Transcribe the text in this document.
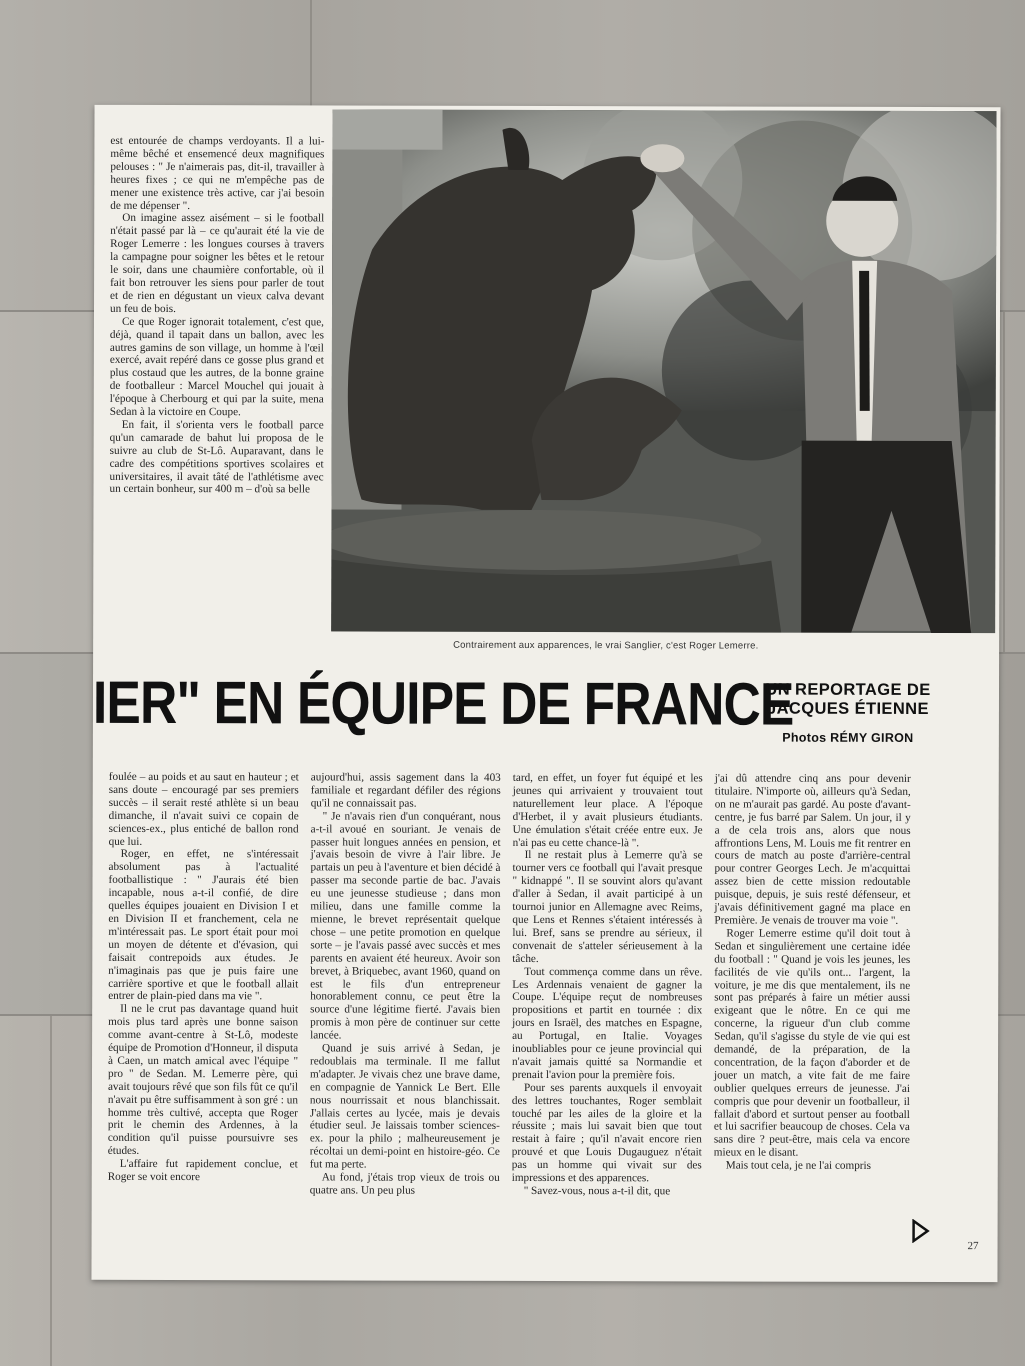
est entourée de champs verdoyants. Il a lui-même bêché et ensemencé deux magnifiques pelouses : " Je n'aimerais pas, dit-il, travailler à heures fixes ; ce qui ne m'empêche pas de mener une existence très active, car j'ai besoin de me dépenser ".

On imagine assez aisément – si le football n'était passé par là – ce qu'aurait été la vie de Roger Lemerre : les longues courses à travers la campagne pour soigner les bêtes et le retour le soir, dans une chaumière confortable, où il fait bon retrouver les siens pour parler de tout et de rien en dégustant un vieux calva devant un feu de bois.

Ce que Roger ignorait totalement, c'est que, déjà, quand il tapait dans un ballon, avec les autres gamins de son village, un homme à l'œil exercé, avait repéré dans ce gosse plus grand et plus costaud que les autres, de la bonne graine de footballeur : Marcel Mouchel qui jouait à l'époque à Cherbourg et qui par la suite, mena Sedan à la victoire en Coupe.

En fait, il s'orienta vers le football parce qu'un camarade de bahut lui proposa de le suivre au club de St-Lô. Auparavant, dans le cadre des compétitions sportives scolaires et universitaires, il avait tâté de l'athlétisme avec un certain bonheur, sur 400 m – d'où sa belle

Contrairement aux apparences, le vrai Sanglier, c'est Roger Lemerre.
IER" EN ÉQUIPE DE FRANCE
UN REPORTAGE DE
JACQUES ÉTIENNE
Photos RÉMY GIRON

foulée – au poids et au saut en hauteur ; et sans doute – encouragé par ses premiers succès – il serait resté athlète si un beau dimanche, il n'avait suivi ce copain de sciences-ex., plus entiché de ballon rond que lui.

Roger, en effet, ne s'intéressait absolument pas à l'actualité footballistique : " J'aurais été bien incapable, nous a-t-il confié, de dire quelles équipes jouaient en Division I et en Division II et franchement, cela ne m'intéressait pas. Le sport était pour moi un moyen de détente et d'évasion, qui faisait contrepoids aux études. Je n'imaginais pas que je puis faire une carrière sportive et que le football allait entrer de plain-pied dans ma vie ".

Il ne le crut pas davantage quand huit mois plus tard après une bonne saison comme avant-centre à St-Lô, modeste équipe de Promotion d'Honneur, il disputa à Caen, un match amical avec l'équipe " pro " de Sedan. M. Lemerre père, qui avait toujours rêvé que son fils fût ce qu'il n'avait pu être suffisamment à son gré : un homme très cultivé, accepta que Roger prit le chemin des Ardennes, à la condition qu'il puisse poursuivre ses études.

L'affaire fut rapidement conclue, et Roger se voit encore

aujourd'hui, assis sagement dans la 403 familiale et regardant défiler des régions qu'il ne connaissait pas.

" Je n'avais rien d'un conquérant, nous a-t-il avoué en souriant. Je venais de passer huit longues années en pension, et j'avais besoin de vivre à l'air libre. Je partais un peu à l'aventure et bien décidé à passer ma seconde partie de bac. J'avais eu une jeunesse studieuse ; dans mon milieu, dans une famille comme la mienne, le brevet représentait quelque chose – une petite promotion en quelque sorte – je l'avais passé avec succès et mes parents en avaient été heureux. Avoir son brevet, à Briquebec, avant 1960, quand on est le fils d'un entrepreneur honorablement connu, ce peut être la source d'une légitime fierté. J'avais bien promis à mon père de continuer sur cette lancée.

Quand je suis arrivé à Sedan, je redoublais ma terminale. Il me fallut m'adapter. Je vivais chez une brave dame, en compagnie de Yannick Le Bert. Elle nous nourrissait et nous blanchissait. J'allais certes au lycée, mais je devais étudier seul. Je laissais tomber sciences-ex. pour la philo ; malheureusement je récoltai un demi-point en histoire-géo. Ce fut ma perte.

Au fond, j'étais trop vieux de trois ou quatre ans. Un peu plus

tard, en effet, un foyer fut équipé et les jeunes qui arrivaient y trouvaient tout naturellement leur place. A l'époque d'Herbet, il y avait plusieurs étudiants. Une émulation s'était créée entre eux. Je n'ai pas eu cette chance-là ".

Il ne restait plus à Lemerre qu'à se tourner vers ce football qui l'avait presque " kidnappé ". Il se souvint alors qu'avant d'aller à Sedan, il avait participé à un tournoi junior en Allemagne avec Reims, que Lens et Rennes s'étaient intéressés à lui. Bref, sans se prendre au sérieux, il convenait de s'atteler sérieusement à la tâche.

Tout commença comme dans un rêve. Les Ardennais venaient de gagner la Coupe. L'équipe reçut de nombreuses propositions et partit en tournée : dix jours en Israël, des matches en Espagne, au Portugal, en Italie. Voyages inoubliables pour ce jeune provincial qui n'avait jamais quitté sa Normandie et prenait l'avion pour la première fois.

Pour ses parents auxquels il envoyait des lettres touchantes, Roger semblait touché par les ailes de la gloire et la réussite ; mais lui savait bien que tout restait à faire ; qu'il n'avait encore rien prouvé et que Louis Dugauguez n'était pas un homme qui vivait sur des impressions et des apparences.

" Savez-vous, nous a-t-il dit, que

j'ai dû attendre cinq ans pour devenir titulaire. N'importe où, ailleurs qu'à Sedan, on ne m'aurait pas gardé. Au poste d'avant-centre, je fus barré par Salem. Un jour, il y a de cela trois ans, alors que nous affrontions Lens, M. Louis me fit rentrer en cours de match au poste d'arrière-central pour contrer Georges Lech. Je m'acquittai assez bien de cette mission redoutable puisque, depuis, je suis resté défenseur, et j'avais définitivement gagné ma place en Première. Je venais de trouver ma voie ".

Roger Lemerre estime qu'il doit tout à Sedan et singulièrement une certaine idée du football : " Quand je vois les jeunes, les facilités de vie qu'ils ont... l'argent, la voiture, je me dis que mentalement, ils ne sont pas préparés à faire un métier aussi exigeant que le nôtre. En ce qui me concerne, la rigueur d'un club comme Sedan, qu'il s'agisse du style de vie qui est demandé, de la préparation, de la concentration, de la façon d'aborder et de jouer un match, a vite fait de me faire oublier quelques erreurs de jeunesse. J'ai compris que pour devenir un footballeur, il fallait d'abord et surtout penser au football et lui sacrifier beaucoup de choses. Cela va sans dire ? peut-être, mais cela va encore mieux en le disant.

Mais tout cela, je ne l'ai compris

27
